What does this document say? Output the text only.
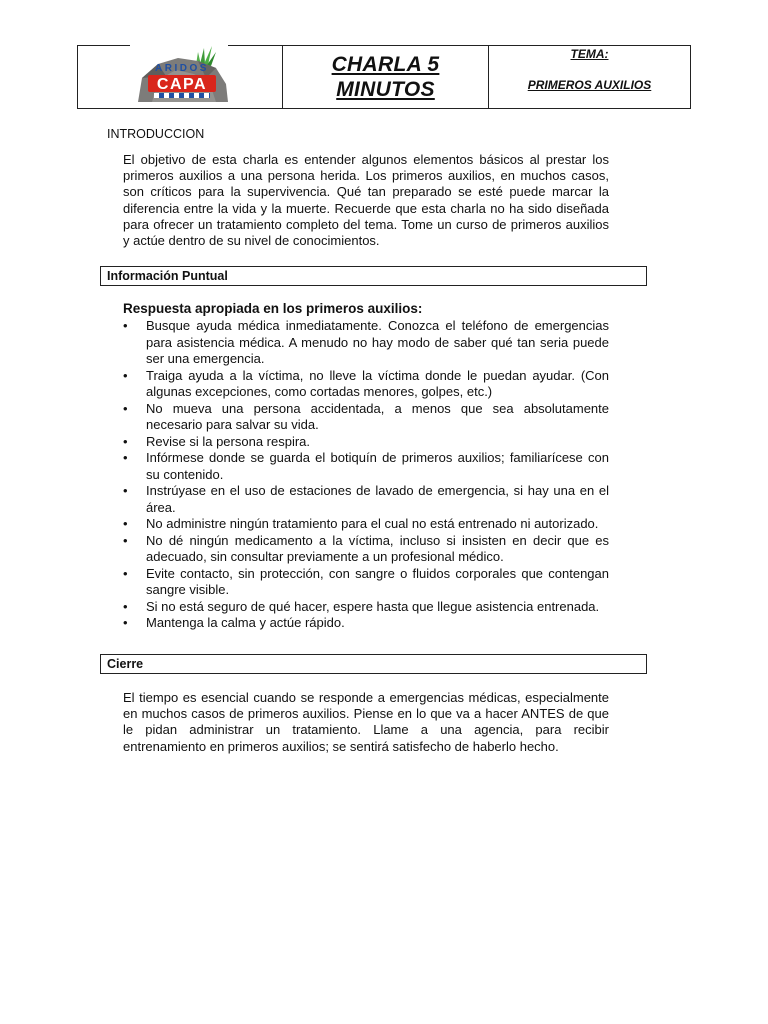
ARIDOS
CAPA
CHARLA 5
MINUTOS
TEMA:
PRIMEROS AUXILIOS
INTRODUCCION
El objetivo de esta charla es entender algunos elementos básicos al prestar los primeros auxilios a una persona herida. Los primeros auxilios, en muchos casos, son críticos para la supervivencia. Qué tan preparado se esté puede marcar la diferencia entre la vida y la muerte. Recuerde que esta charla no ha sido diseñada para ofrecer un tratamiento completo del tema. Tome un curso de primeros auxilios y actúe dentro de su nivel de conocimientos.
Información Puntual
Respuesta apropiada en los primeros auxilios:
• Busque ayuda médica inmediatamente. Conozca el teléfono de emergencias para asistencia médica. A menudo no hay modo de saber qué tan seria puede ser una emergencia.
• Traiga ayuda a la víctima, no lleve la víctima donde le puedan ayudar. (Con algunas excepciones, como cortadas menores, golpes, etc.)
• No mueva una persona accidentada, a menos que sea absolutamente necesario para salvar su vida.
• Revise si la persona respira.
• Infórmese donde se guarda el botiquín de primeros auxilios; familiarícese con su contenido.
• Instrúyase en el uso de estaciones de lavado de emergencia, si hay una en el área.
• No administre ningún tratamiento para el cual no está entrenado ni autorizado.
• No dé ningún medicamento a la víctima, incluso si insisten en decir que es adecuado, sin consultar previamente a un profesional médico.
• Evite contacto, sin protección, con sangre o fluidos corporales que contengan sangre visible.
• Si no está seguro de qué hacer, espere hasta que llegue asistencia entrenada.
• Mantenga la calma y actúe rápido.
Cierre
El tiempo es esencial cuando se responde a emergencias médicas, especialmente en muchos casos de primeros auxilios. Piense en lo que va a hacer ANTES de que le pidan administrar un tratamiento. Llame a una agencia, para recibir entrenamiento en primeros auxilios; se sentirá satisfecho de haberlo hecho.
